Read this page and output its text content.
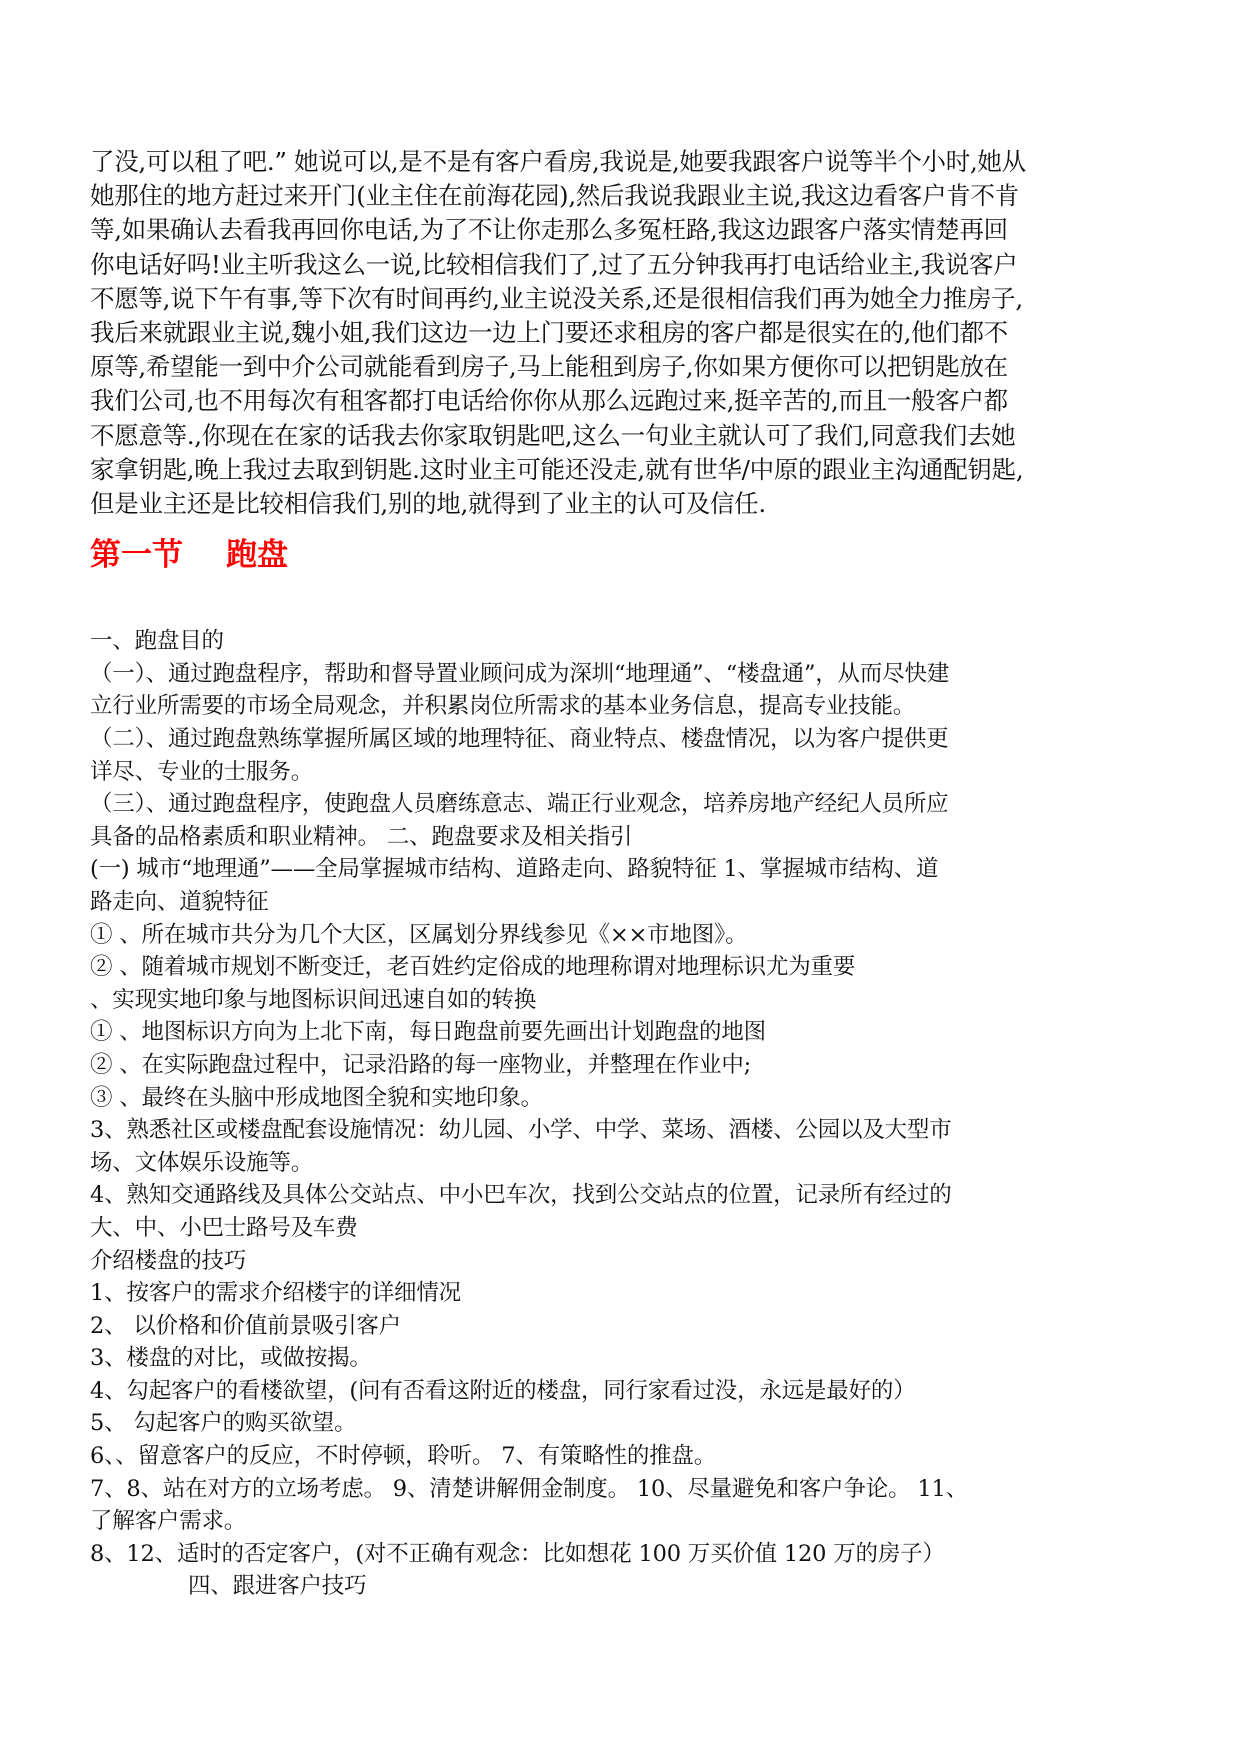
了没,可以租了吧.” 她说可以,是不是有客户看房,我说是,她要我跟客户说等半个小时,她从

她那住的地方赶过来开门(业主住在前海花园),然后我说我跟业主说,我这边看客户肯不肯

等,如果确认去看我再回你电话,为了不让你走那么多冤枉路,我这边跟客户落实情楚再回

你电话好吗!业主听我这么一说,比较相信我们了,过了五分钟我再打电话给业主,我说客户

不愿等,说下午有事,等下次有时间再约,业主说没关系,还是很相信我们再为她全力推房子,

我后来就跟业主说,魏小姐,我们这边一边上门要还求租房的客户都是很实在的,他们都不

原等,希望能一到中介公司就能看到房子,马上能租到房子,你如果方便你可以把钥匙放在

我们公司,也不用每次有租客都打电话给你你从那么远跑过来,挺辛苦的,而且一般客户都

不愿意等.,你现在在家的话我去你家取钥匙吧,这么一句业主就认可了我们,同意我们去她

家拿钥匙,晚上我过去取到钥匙.这时业主可能还没走,就有世华/中原的跟业主沟通配钥匙,

但是业主还是比较相信我们,别的地,就得到了业主的认可及信任.

第一节    跑盘

一、跑盘目的

（一）、通过跑盘程序，帮助和督导置业顾问成为深圳“地理通”、“楼盘通”，从而尽快建

立行业所需要的市场全局观念，并积累岗位所需求的基本业务信息，提高专业技能。

（二）、通过跑盘熟练掌握所属区域的地理特征、商业特点、楼盘情况，以为客户提供更

详尽、专业的士服务。

（三）、通过跑盘程序，使跑盘人员磨练意志、端正行业观念，培养房地产经纪人员所应

具备的品格素质和职业精神。 二、跑盘要求及相关指引

(一) 城市“地理通”——全局掌握城市结构、道路走向、路貌特征 1、掌握城市结构、道

路走向、道貌特征

① 、所在城市共分为几个大区，区属划分界线参见《××市地图》。

② 、随着城市规划不断变迁，老百姓约定俗成的地理称谓对地理标识尤为重要

、实现实地印象与地图标识间迅速自如的转换

① 、地图标识方向为上北下南，每日跑盘前要先画出计划跑盘的地图

② 、在实际跑盘过程中，记录沿路的每一座物业，并整理在作业中;

③ 、最终在头脑中形成地图全貌和实地印象。

3、熟悉社区或楼盘配套设施情况：幼儿园、小学、中学、菜场、酒楼、公园以及大型市

场、文体娱乐设施等。

4、熟知交通路线及具体公交站点、中小巴车次，找到公交站点的位置，记录所有经过的

大、中、小巴士路号及车费

介绍楼盘的技巧

1、按客户的需求介绍楼宇的详细情况

2、 以价格和价值前景吸引客户

3、楼盘的对比，或做按揭。

4、勾起客户的看楼欲望，(问有否看这附近的楼盘，同行家看过没，永远是最好的）

5、 勾起客户的购买欲望。

6、、留意客户的反应，不时停顿，聆听。 7、有策略性的推盘。

7、8、站在对方的立场考虑。 9、清楚讲解佣金制度。 10、尽量避免和客户争论。 11、

了解客户需求。

8、12、适时的否定客户，(对不正确有观念：比如想花 100 万买价值 120 万的房子）

四、跟进客户技巧
